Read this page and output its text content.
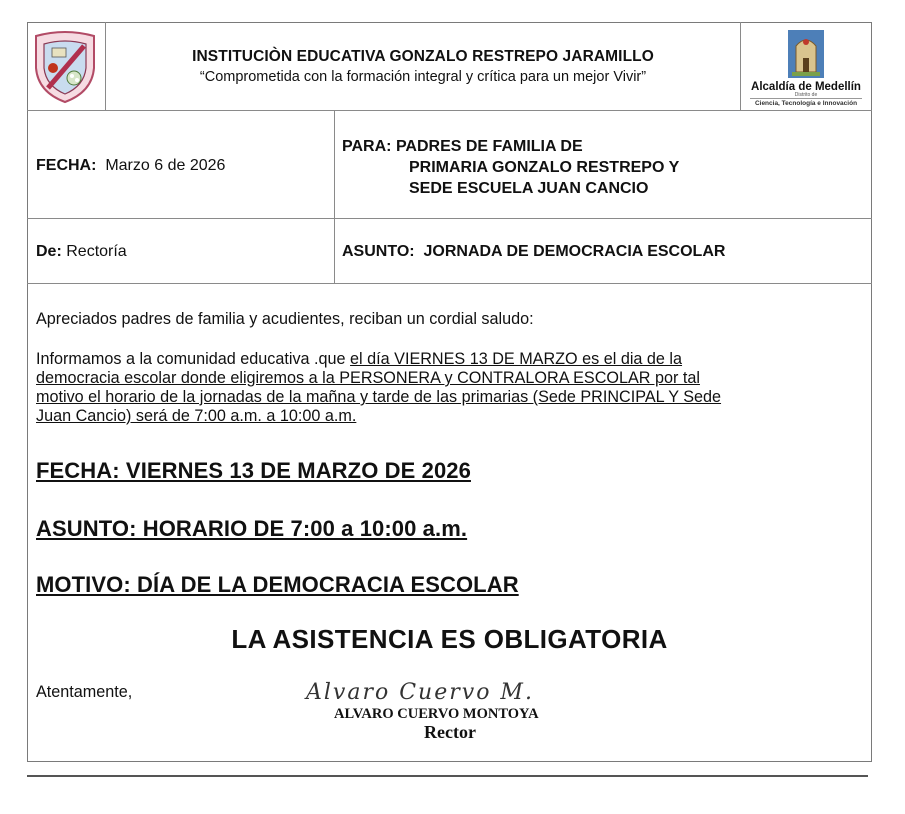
INSTITUCIÒN EDUCATIVA GONZALO RESTREPO JARAMILLO
“Comprometida con la formación integral y crítica para un mejor Vivir”
Alcaldía de Medellín
Distrito de
Ciencia, Tecnología e Innovación
FECHA: Marzo 6 de 2026
PARA: PADRES DE FAMILIA DE
PRIMARIA GONZALO RESTREPO Y
SEDE ESCUELA JUAN CANCIO
De: Rectoría	ASUNTO: JORNADA DE DEMOCRACIA ESCOLAR
Apreciados padres de familia y acudientes, reciban un cordial saludo:
Informamos a la comunidad educativa .que el día VIERNES 13 DE MARZO es el dia de la
democracia escolar donde eligiremos a la PERSONERA y CONTRALORA ESCOLAR por tal
motivo el horario de la jornadas de la mañna y tarde de las primarias (Sede PRINCIPAL Y Sede
Juan Cancio) será de 7:00 a.m. a 10:00 a.m.
FECHA: VIERNES 13 DE MARZO DE 2026
ASUNTO: HORARIO DE 7:00 a 10:00 a.m.
MOTIVO: DÍA DE LA DEMOCRACIA ESCOLAR
LA ASISTENCIA ES OBLIGATORIA
Atentamente,	Alvaro Cuervo M.
ALVARO CUERVO MONTOYA
Rector
